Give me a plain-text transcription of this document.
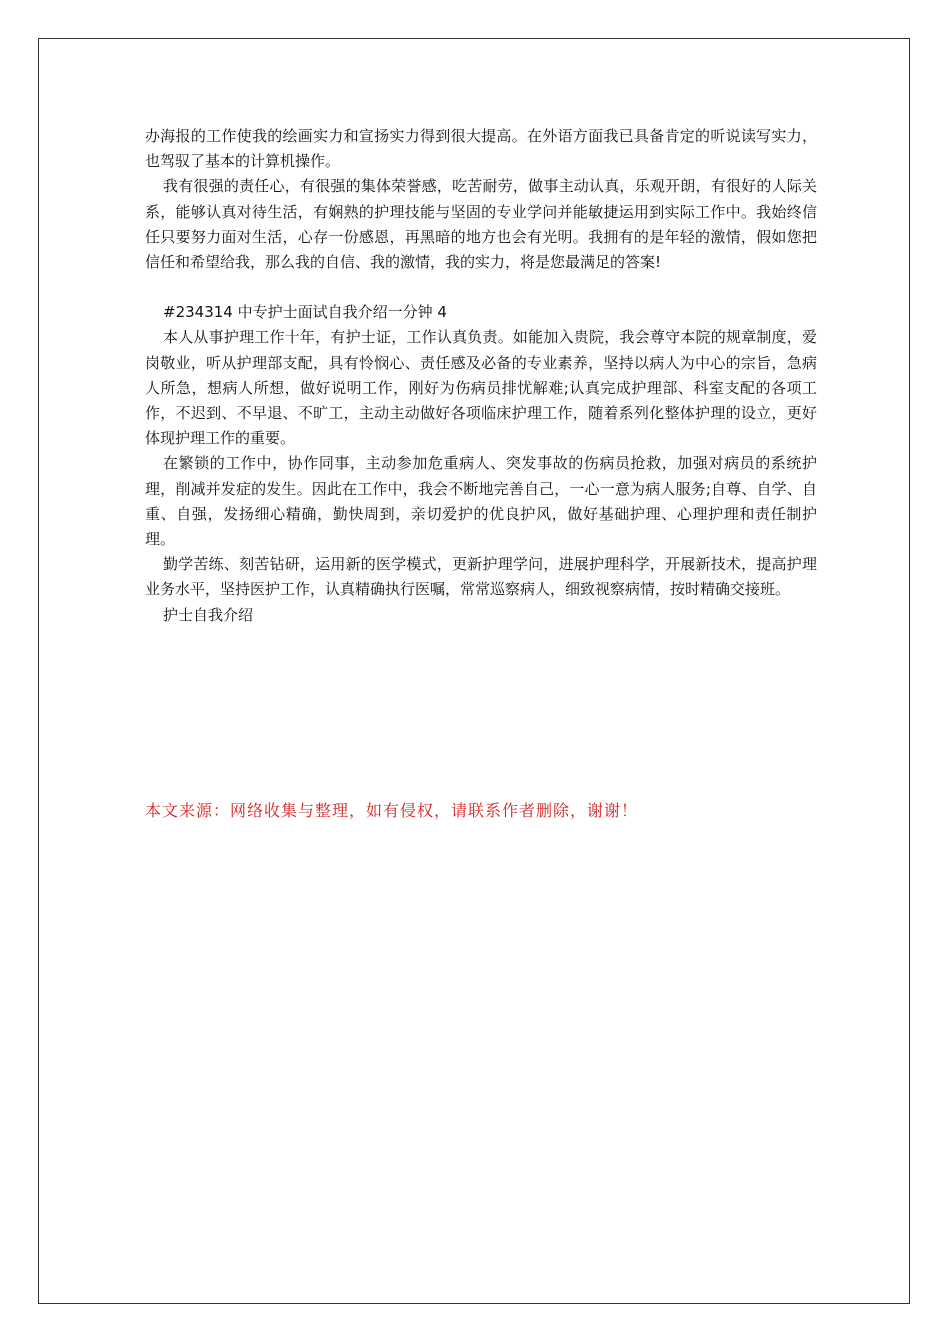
办海报的工作使我的绘画实力和宣扬实力得到很大提高。在外语方面我已具备肯定的听说读写实力，也驾驭了基本的计算机操作。

我有很强的责任心，有很强的集体荣誉感，吃苦耐劳，做事主动认真，乐观开朗，有很好的人际关系，能够认真对待生活，有娴熟的护理技能与坚固的专业学问并能敏捷运用到实际工作中。我始终信任只要努力面对生活，心存一份感恩，再黑暗的地方也会有光明。我拥有的是年轻的激情，假如您把信任和希望给我，那么我的自信、我的激情，我的实力，将是您最满足的答案!

#234314 中专护士面试自我介绍一分钟 4

本人从事护理工作十年，有护士证，工作认真负责。如能加入贵院，我会尊守本院的规章制度，爱岗敬业，听从护理部支配，具有怜悯心、责任感及必备的专业素养，坚持以病人为中心的宗旨，急病人所急，想病人所想，做好说明工作，刚好为伤病员排忧解难;认真完成护理部、科室支配的各项工作，不迟到、不早退、不旷工，主动主动做好各项临床护理工作，随着系列化整体护理的设立，更好体现护理工作的重要。

在繁锁的工作中，协作同事，主动参加危重病人、突发事故的伤病员抢救，加强对病员的系统护理，削减并发症的发生。因此在工作中，我会不断地完善自己，一心一意为病人服务;自尊、自学、自重、自强，发扬细心精确，勤快周到，亲切爱护的优良护风，做好基础护理、心理护理和责任制护理。

勤学苦练、刻苦钻研，运用新的医学模式，更新护理学问，进展护理科学，开展新技术，提高护理业务水平，坚持医护工作，认真精确执行医嘱，常常巡察病人，细致视察病情，按时精确交接班。

护士自我介绍

本文来源：网络收集与整理，如有侵权，请联系作者删除，谢谢！
